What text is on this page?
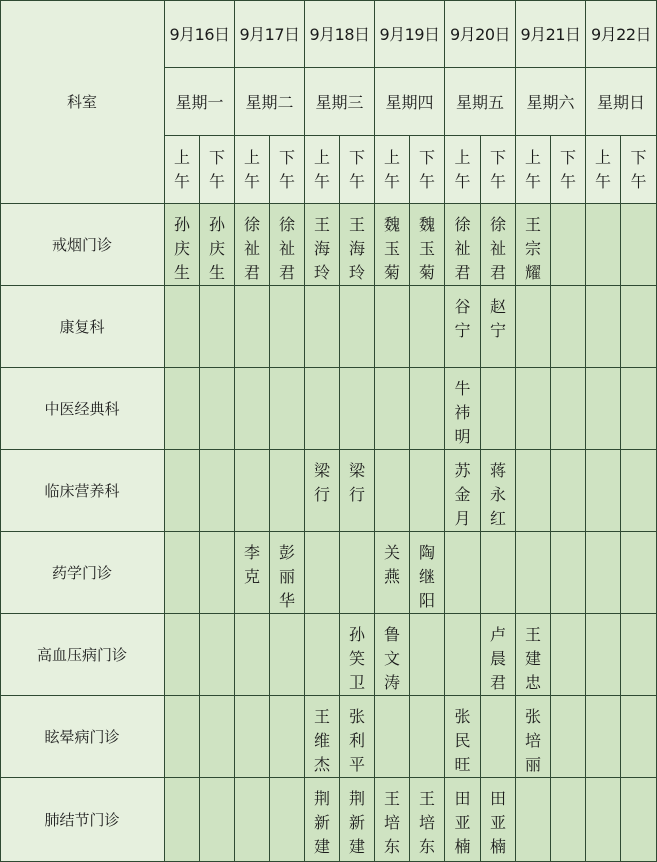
科室
9月16日
星期一
上
午
下
午
9月17日
星期二
上
午
下
午
9月18日
星期三
上
午
下
午
9月19日
星期四
上
午
下
午
9月20日
星期五
上
午
下
午
9月21日
星期六
上
午
下
午
9月22日
星期日
上
午
下
午
戒烟门诊
孙
庆
生
孙
庆
生
徐
祉
君
徐
祉
君
王
海
玲
王
海
玲
魏
玉
菊
魏
玉
菊
徐
祉
君
徐
祉
君
王
宗
耀
康复科
谷
宁
赵
宁
中医经典科
牛
祎
明
临床营养科
梁
行
梁
行
苏
金
月
蒋
永
红
药学门诊
李
克
彭
丽
华
关
燕
陶
继
阳
高血压病门诊
孙
笑
卫
鲁
文
涛
卢
晨
君
王
建
忠
眩晕病门诊
王
维
杰
张
利
平
张
民
旺
张
培
丽
肺结节门诊
荆
新
建
荆
新
建
王
培
东
王
培
东
田
亚
楠
田
亚
楠
